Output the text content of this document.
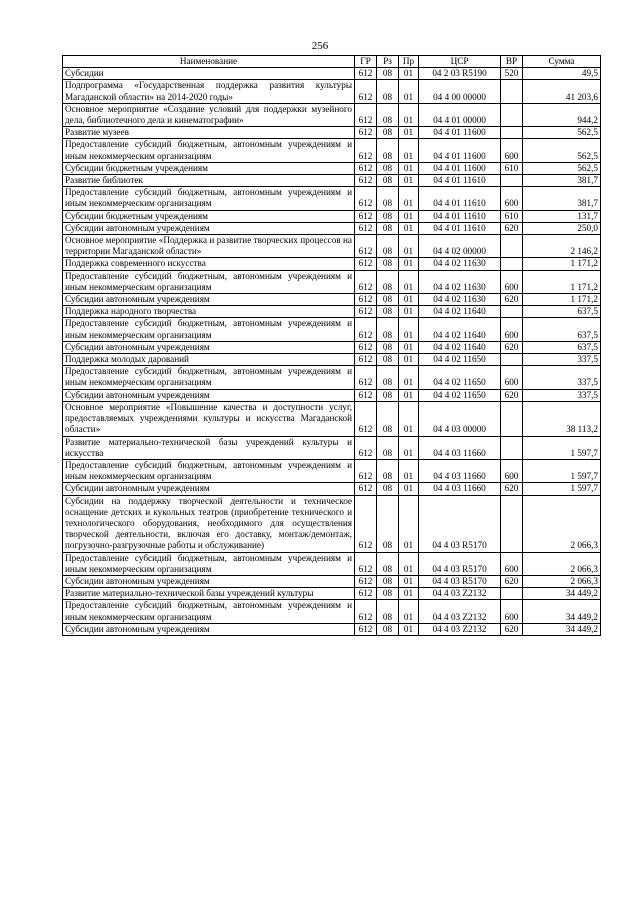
256
Наименование	ГР	Рз	Пр	ЦСР	ВР	Сумма
Субсидии	612	08	01	04 2 03 R5190	520	49,5
Подпрограмма «Государственная поддержка развития культуры Магаданской области» на 2014-2020 годы»	612	08	01	04 4 00 00000		41 203,6
Основное мероприятие «Создание условий для поддержки музейного дела, библиотечного дела и кинематографии»	612	08	01	04 4 01 00000		944,2
Развитие музеев	612	08	01	04 4 01 11600		562,5
Предоставление субсидий бюджетным, автономным учреждениям и иным некоммерческим организациям	612	08	01	04 4 01 11600	600	562,5
Субсидии бюджетным учреждениям	612	08	01	04 4 01 11600	610	562,5
Развитие библиотек	612	08	01	04 4 01 11610		381,7
Предоставление субсидий бюджетным, автономным учреждениям и иным некоммерческим организациям	612	08	01	04 4 01 11610	600	381,7
Субсидии бюджетным учреждениям	612	08	01	04 4 01 11610	610	131,7
Субсидии автономным учреждениям	612	08	01	04 4 01 11610	620	250,0
Основное мероприятие «Поддержка и развитие творческих процессов на территории Магаданской области»	612	08	01	04 4 02 00000		2 146,2
Поддержка современного искусства	612	08	01	04 4 02 11630		1 171,2
Предоставление субсидий бюджетным, автономным учреждениям и иным некоммерческим организациям	612	08	01	04 4 02 11630	600	1 171,2
Субсидии автономным учреждениям	612	08	01	04 4 02 11630	620	1 171,2
Поддержка народного творчества	612	08	01	04 4 02 11640		637,5
Предоставление субсидий бюджетным, автономным учреждениям и иным некоммерческим организациям	612	08	01	04 4 02 11640	600	637,5
Субсидии автономным учреждениям	612	08	01	04 4 02 11640	620	637,5
Поддержка молодых дарований	612	08	01	04 4 02 11650		337,5
Предоставление субсидий бюджетным, автономным учреждениям и иным некоммерческим организациям	612	08	01	04 4 02 11650	600	337,5
Субсидии автономным учреждениям	612	08	01	04 4 02 11650	620	337,5
Основное мероприятие «Повышение качества и доступности услуг, предоставляемых учреждениями культуры и искусства Магаданской области»	612	08	01	04 4 03 00000		38 113,2
Развитие материально-технической базы учреждений культуры и искусства	612	08	01	04 4 03 11660		1 597,7
Предоставление субсидий бюджетным, автономным учреждениям и иным некоммерческим организациям	612	08	01	04 4 03 11660	600	1 597,7
Субсидии автономным учреждениям	612	08	01	04 4 03 11660	620	1 597,7
Субсидии на поддержку творческой деятельности и техническое оснащение детских и кукольных театров (приобретение технического и технологического оборудования, необходимого для осуществления творческой деятельности, включая его доставку, монтаж/демонтаж, погрузочно-разгрузочные работы и обслуживание)	612	08	01	04 4 03 R5170		2 066,3
Предоставление субсидий бюджетным, автономным учреждениям и иным некоммерческим организациям	612	08	01	04 4 03 R5170	600	2 066,3
Субсидии автономным учреждениям	612	08	01	04 4 03 R5170	620	2 066,3
Развитие материально-технической базы учреждений культуры	612	08	01	04 4 03 Z2132		34 449,2
Предоставление субсидий бюджетным, автономным учреждениям и иным некоммерческим организациям	612	08	01	04 4 03 Z2132	600	34 449,2
Субсидии автономным учреждениям	612	08	01	04 4 03 Z2132	620	34 449,2
